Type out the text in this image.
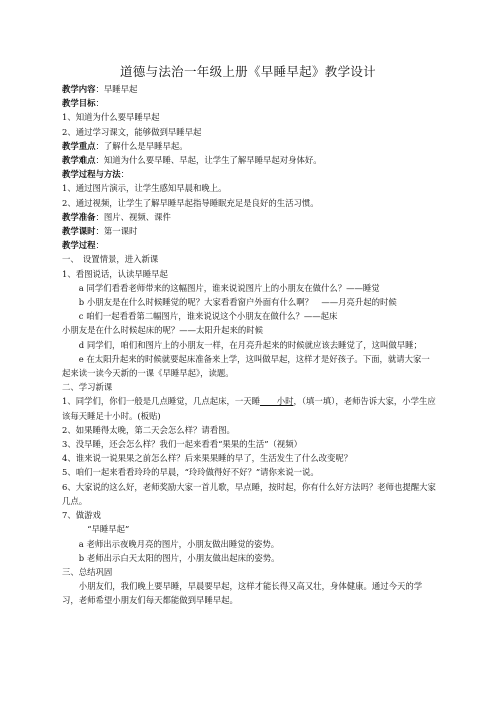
道德与法治一年级上册《早睡早起》教学设计

教学内容：早睡早起

教学目标：

1、知道为什么要早睡早起

2、通过学习课文，能够做到早睡早起

教学重点：了解什么是早睡早起。

教学难点：知道为什么要早睡、早起，让学生了解早睡早起对身体好。

教学过程与方法：

1、通过图片演示，让学生感知早晨和晚上。

2、通过视频，让学生了解早睡早起指导睡眠充足是良好的生活习惯。

教学准备：图片、视频、课件

教学课时：第一课时

教学过程：

一、　设置情景，进入新课

1、看图说话，认读早睡早起

a 同学们看看老师带来的这幅图片，谁来说说图片上的小朋友在做什么？——睡觉

b 小朋友是在什么时候睡觉的呢？大家看看窗户外面有什么啊？　——月亮升起的时候

c 咱们一起看看第二幅图片，谁来说说这个小朋友在做什么？——起床

小朋友是在什么时候起床的呢？——太阳升起来的时候

d 同学们，咱们和图片上的小朋友一样，在月亮升起来的时候就应该去睡觉了，这叫做早睡；

e 在太阳升起来的时候就要起床准备来上学，这叫做早起，这样才是好孩子。下面，就请大家一起来读一读今天新的一课《早睡早起》，读题。

二、学习新课

1、同学们，你们一般是几点睡觉，几点起床，一天睡　　小时，（填一填），老师告诉大家，小学生应该每天睡足十小时。(板贴)

2、如果睡得太晚，第二天会怎么样？请看图。

3、没早睡，还会怎么样？我们一起来看看“果果的生活”（视频）

4、谁来说一说果果之前怎么样？后来果果睡的早了，生活发生了什么改变呢？

5、咱们一起来看看玲玲的早晨，“玲玲做得好不好？”请你来说一说。

6、大家说的这么好，老师奖励大家一首儿歌，早点睡，按时起，你有什么好方法吗？老师也提醒大家几点。

7、做游戏

“早睡早起”

a 老师出示夜晚月亮的图片，小朋友做出睡觉的姿势。

b 老师出示白天太阳的图片，小朋友做出起床的姿势。

三、总结巩固

小朋友们，我们晚上要早睡，早晨要早起，这样才能长得又高又壮，身体健康。通过今天的学习，老师希望小朋友们每天都能做到早睡早起。
